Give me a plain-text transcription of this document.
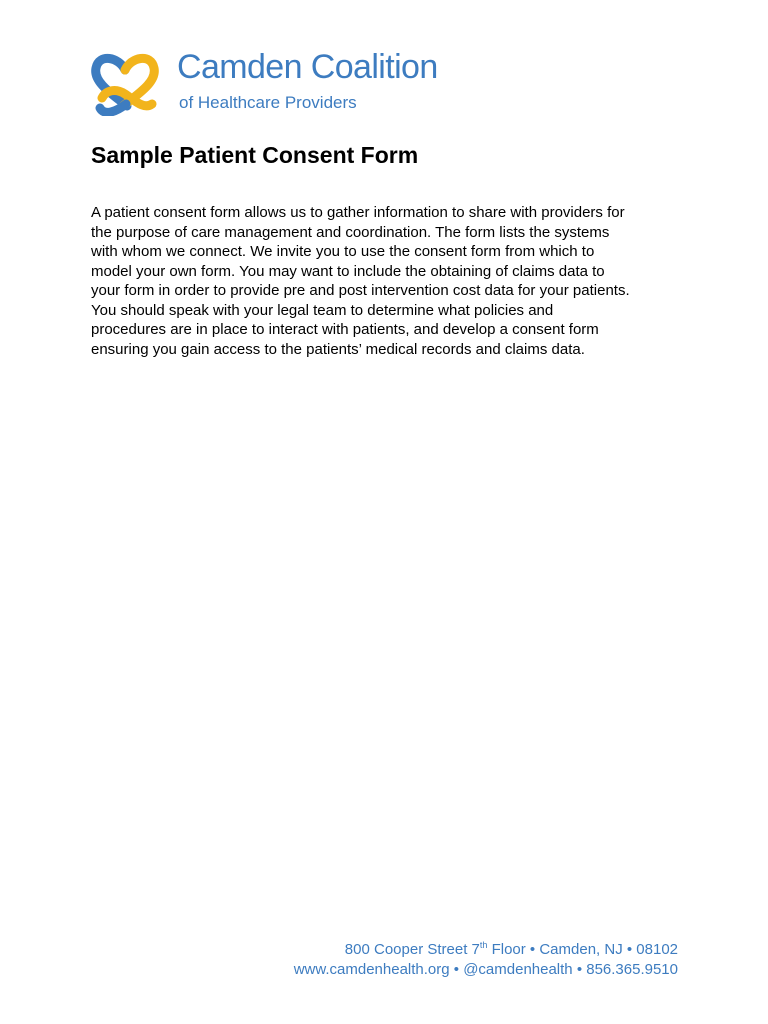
Camden Coalition
of Healthcare Providers
Sample Patient Consent Form

A patient consent form allows us to gather information to share with providers for
the purpose of care management and coordination. The form lists the systems
with whom we connect. We invite you to use the consent form from which to
model your own form. You may want to include the obtaining of claims data to
your form in order to provide pre and post intervention cost data for your patients.
You should speak with your legal team to determine what policies and
procedures are in place to interact with patients, and develop a consent form
ensuring you gain access to the patients’ medical records and claims data.

800 Cooper Street 7th Floor • Camden, NJ • 08102
www.camdenhealth.org • @camdenhealth • 856.365.9510
